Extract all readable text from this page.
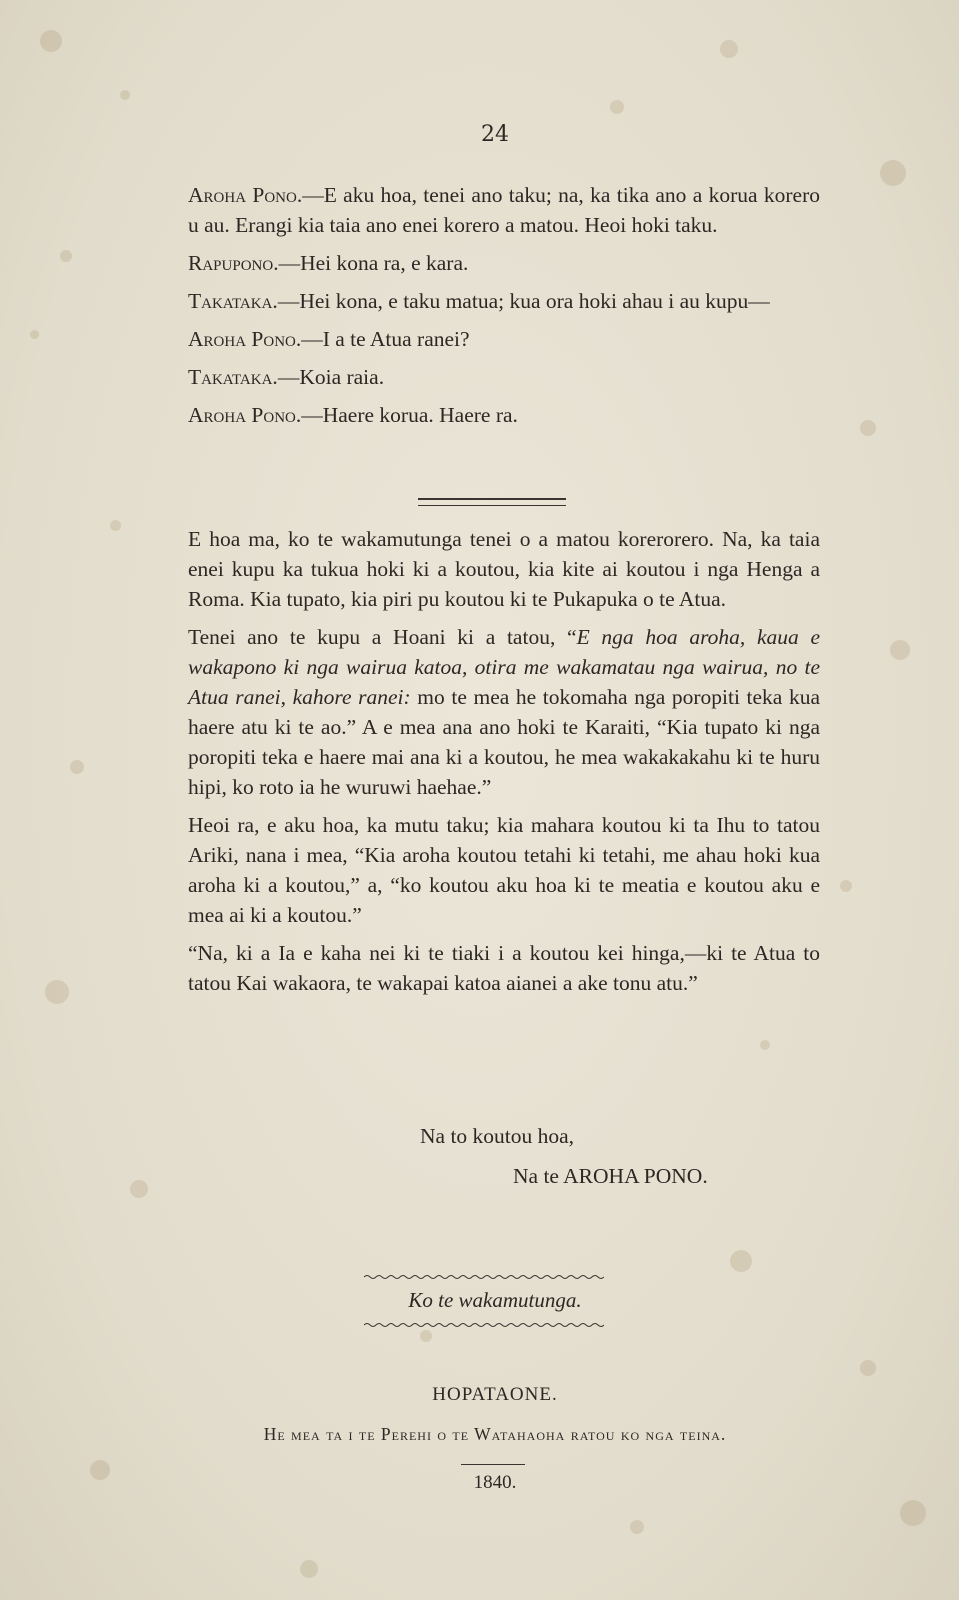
24
Aroha Pono.—E aku hoa, tenei ano taku; na, ka tika ano a korua korero u au. Erangi kia taia ano enei korero a matou. Heoi hoki taku.
Rapupono.—Hei kona ra, e kara.
Takataka.—Hei kona, e taku matua; kua ora hoki ahau i au kupu—
Aroha Pono.—I a te Atua ranei?
Takataka.—Koia raia.
Aroha Pono.—Haere korua. Haere ra.

E hoa ma, ko te wakamutunga tenei o a matou korerorero. Na, ka taia enei kupu ka tukua hoki ki a koutou, kia kite ai koutou i nga Henga a Roma. Kia tupato, kia piri pu koutou ki te Pukapuka o te Atua.

Tenei ano te kupu a Hoani ki a tatou, “E nga hoa aroha, kaua e wakapono ki nga wairua katoa, otira me wakamatau nga wairua, no te Atua ranei, kahore ranei: mo te mea he tokomaha nga poropiti teka kua haere atu ki te ao.” A e mea ana ano hoki te Karaiti, “Kia tupato ki nga poropiti teka e haere mai ana ki a koutou, he mea wakakakahu ki te huru hipi, ko roto ia he wuruwi haehae.”

Heoi ra, e aku hoa, ka mutu taku; kia mahara koutou ki ta Ihu to tatou Ariki, nana i mea, “Kia aroha koutou tetahi ki tetahi, me ahau hoki kua aroha ki a koutou,” a, “ko koutou aku hoa ki te meatia e koutou aku e mea ai ki a koutou.”

“Na, ki a Ia e kaha nei ki te tiaki i a koutou kei hinga,—ki te Atua to tatou Kai wakaora, te wakapai katoa aianei a ake tonu atu.”

Na to koutou hoa,
Na te AROHA PONO.
Ko te wakamutunga.
HOPATAONE.
He mea ta i te Perehi o te Watahaoha ratou ko nga teina.
1840.
